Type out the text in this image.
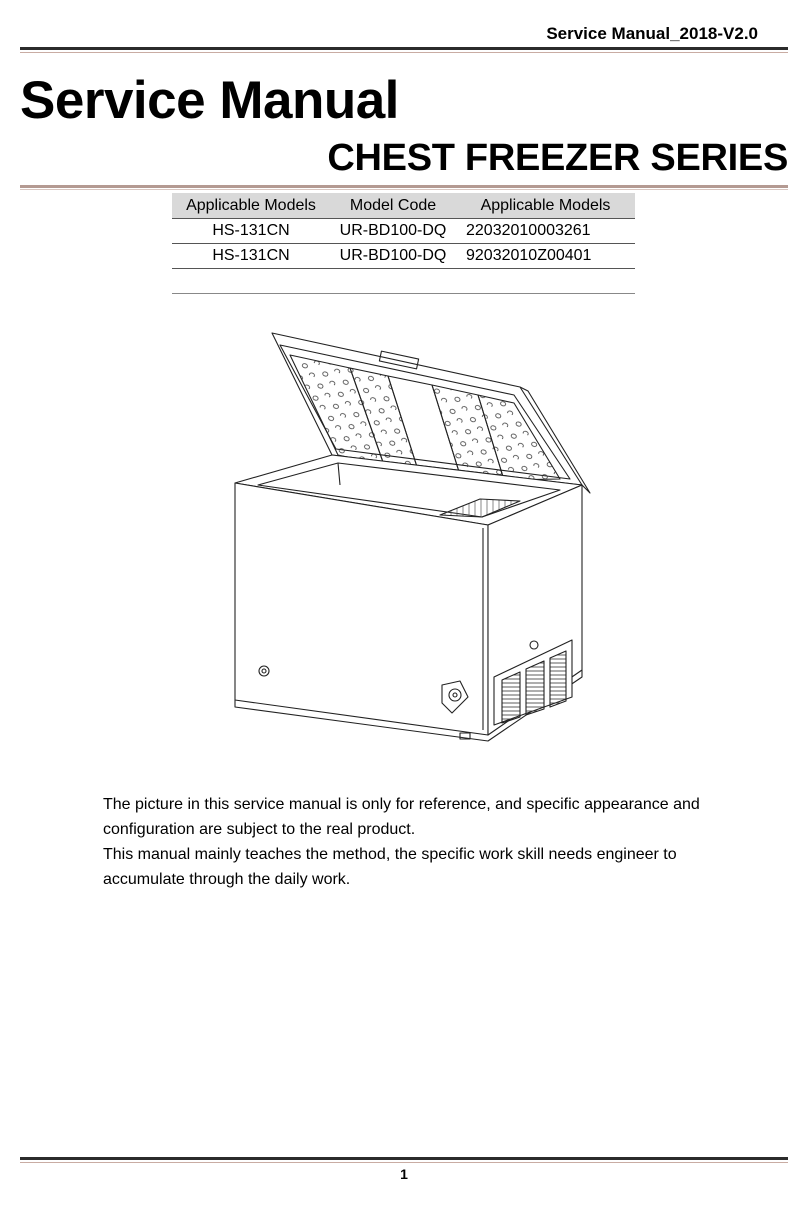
Service Manual_2018-V2.0
Service Manual
CHEST FREEZER SERIES
Applicable Models	Model Code	Applicable Models
HS-131CN	UR-BD100-DQ	22032010003261
HS-131CN	UR-BD100-DQ	92032010Z00401

The picture in this service manual is only for reference, and specific appearance and configuration are subject to the real product.

This manual mainly teaches the method, the specific work skill needs engineer to accumulate through the daily work.

1
